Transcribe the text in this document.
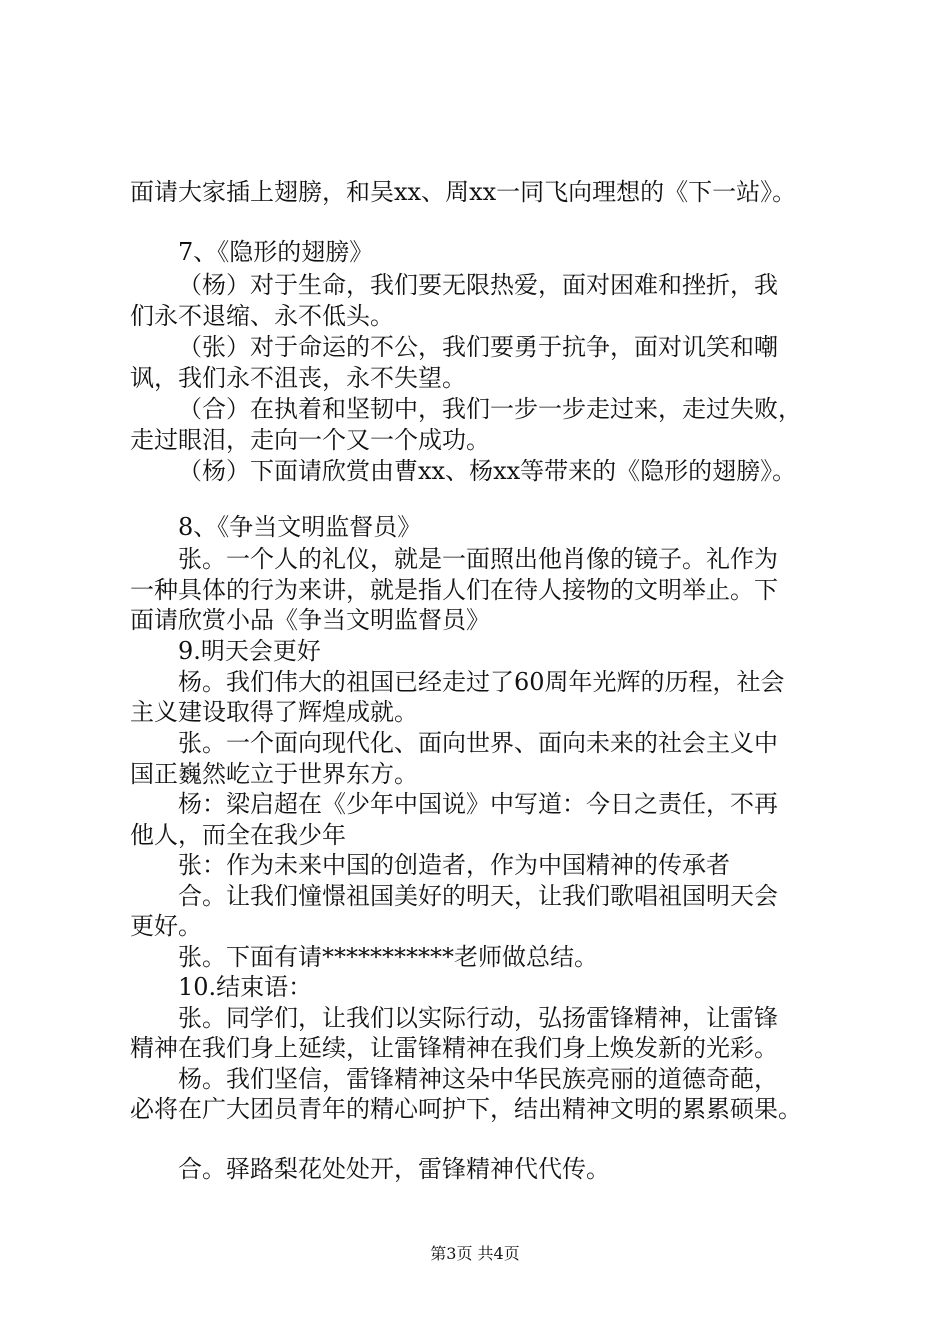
面请大家插上翅膀，和吴xx、周xx一同飞向理想的《下一站》。
7、《隐形的翅膀》
（杨）对于生命，我们要无限热爱，面对困难和挫折，我
们永不退缩、永不低头。
（张）对于命运的不公，我们要勇于抗争，面对讥笑和嘲
讽，我们永不沮丧，永不失望。
（合）在执着和坚韧中，我们一步一步走过来，走过失败，
走过眼泪，走向一个又一个成功。
（杨）下面请欣赏由曹xx、杨xx等带来的《隐形的翅膀》。
8、《争当文明监督员》
张。一个人的礼仪，就是一面照出他肖像的镜子。礼作为
一种具体的行为来讲，就是指人们在待人接物的文明举止。下
面请欣赏小品《争当文明监督员》
9.明天会更好
杨。我们伟大的祖国已经走过了60周年光辉的历程，社会
主义建设取得了辉煌成就。
张。一个面向现代化、面向世界、面向未来的社会主义中
国正巍然屹立于世界东方。
杨：梁启超在《少年中国说》中写道：今日之责任，不再
他人，而全在我少年
张：作为未来中国的创造者，作为中国精神的传承者
合。让我们憧憬祖国美好的明天，让我们歌唱祖国明天会
更好。
张。下面有请***********老师做总结。
10.结束语：
张。同学们，让我们以实际行动，弘扬雷锋精神，让雷锋
精神在我们身上延续，让雷锋精神在我们身上焕发新的光彩。
杨。我们坚信，雷锋精神这朵中华民族亮丽的道德奇葩，
必将在广大团员青年的精心呵护下，结出精神文明的累累硕果。
合。驿路梨花处处开，雷锋精神代代传。
第3页 共4页
